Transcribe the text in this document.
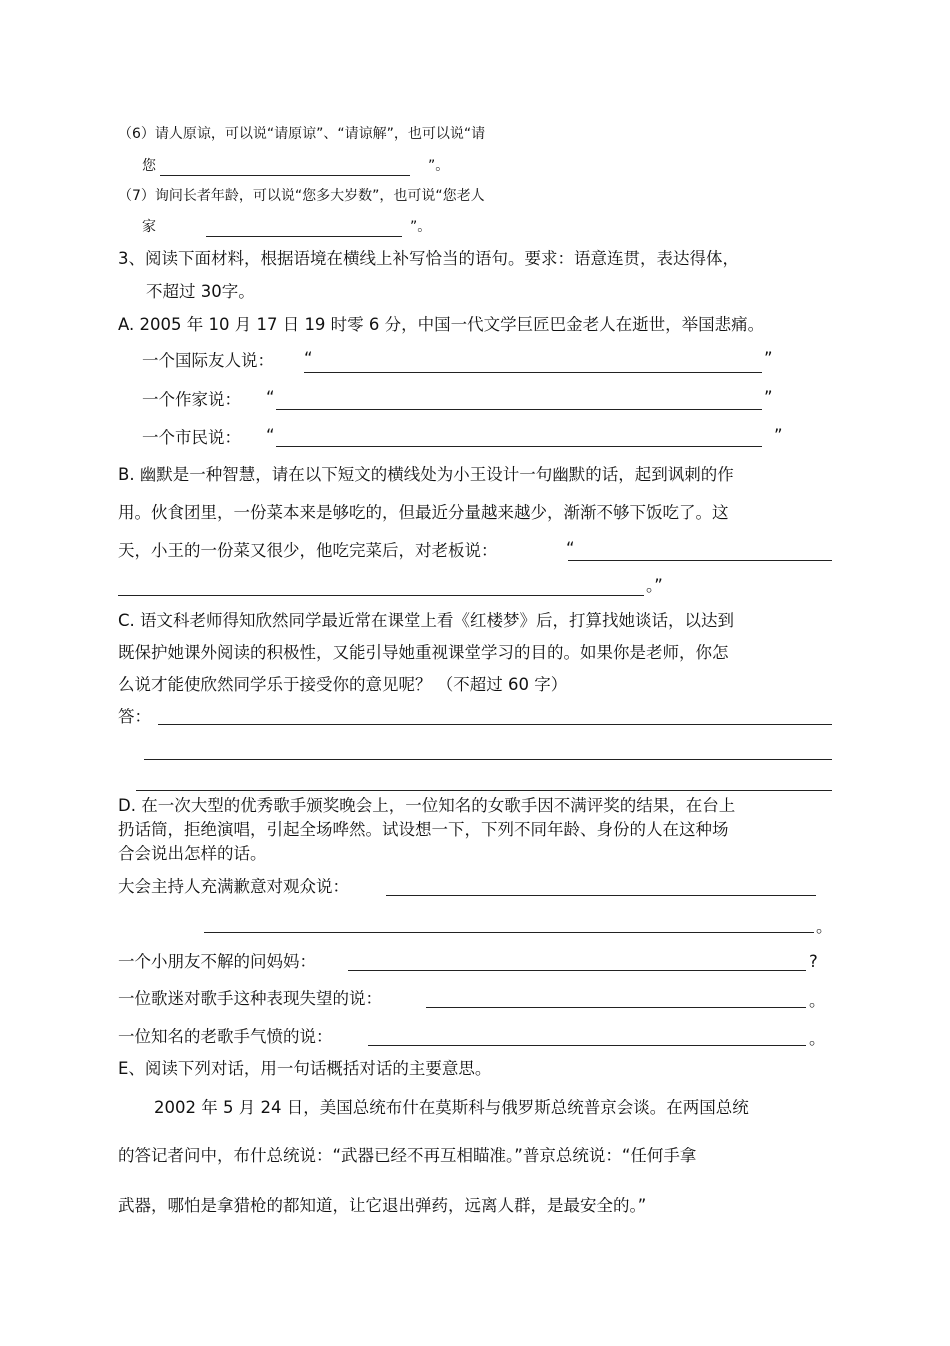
（6）请人原谅，可以说“请原谅”、“请谅解”，也可以说“请
您	”。
（7）询问长者年龄，可以说“您多大岁数”，也可说“您老人
家	”。
3、阅读下面材料，根据语境在横线上补写恰当的语句。要求：语意连贯，表达得体，
不超过 30字。
A. 2005 年 10 月 17 日 19 时零 6 分，中国一代文学巨匠巴金老人在逝世，举国悲痛。
一个国际友人说： “	”
一个作家说： “	”
一个市民说： “	”
B. 幽默是一种智慧，请在以下短文的横线处为小王设计一句幽默的话，起到讽刺的作
用。伙食团里，一份菜本来是够吃的，但最近分量越来越少，渐渐不够下饭吃了。这
天，小王的一份菜又很少，他吃完菜后，对老板说：	“
。”
C. 语文科老师得知欣然同学最近常在课堂上看《红楼梦》后，打算找她谈话，以达到
既保护她课外阅读的积极性，又能引导她重视课堂学习的目的。如果你是老师，你怎
么说才能使欣然同学乐于接受你的意见呢？ （不超过 60 字）
答：
D. 在一次大型的优秀歌手颁奖晚会上，一位知名的女歌手因不满评奖的结果，在台上
扔话筒，拒绝演唱，引起全场哗然。试设想一下，下列不同年龄、身份的人在这种场
合会说出怎样的话。
大会主持人充满歉意对观众说：
。
一个小朋友不解的问妈妈：	?
一位歌迷对歌手这种表现失望的说：	。
一位知名的老歌手气愤的说：	。
E、阅读下列对话，用一句话概括对话的主要意思。
2002 年 5 月 24 日，美国总统布什在莫斯科与俄罗斯总统普京会谈。在两国总统
的答记者问中，布什总统说：“武器已经不再互相瞄准。”普京总统说：“任何手拿
武器，哪怕是拿猎枪的都知道，让它退出弹药，远离人群，是最安全的。”
